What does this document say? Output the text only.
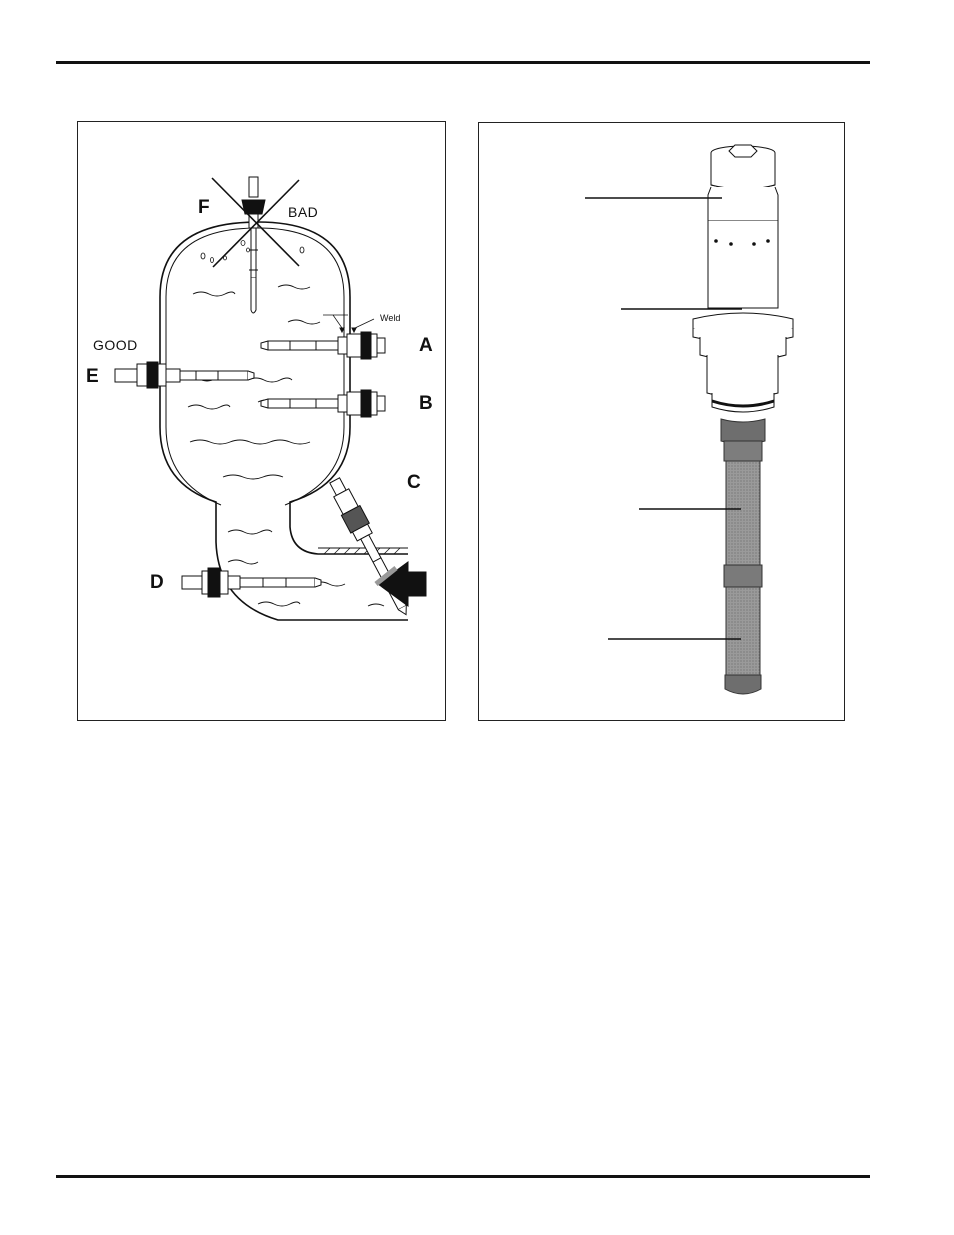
F	BAD
Weld
A
GOOD
E
B
C
D
